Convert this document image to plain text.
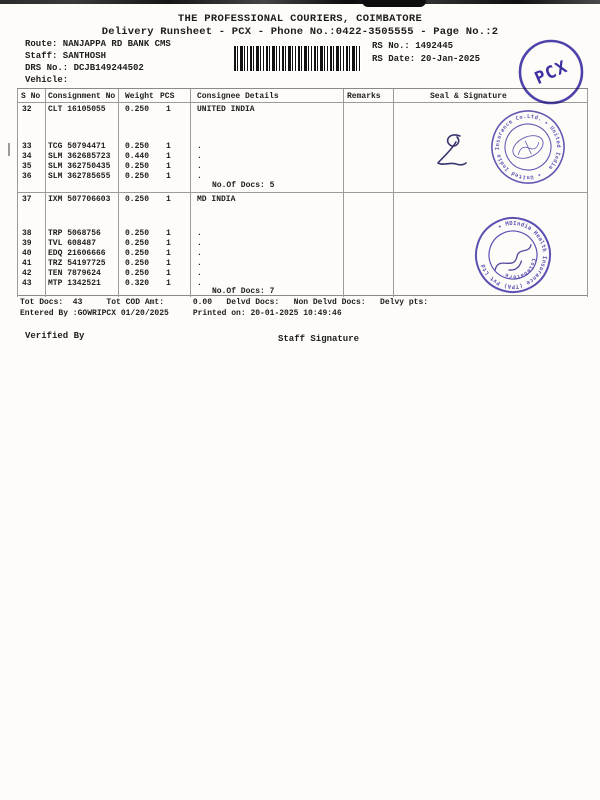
THE PROFESSIONAL COURIERS, COIMBATORE
Delivery Runsheet - PCX - Phone No.:0422-3505555 - Page No.:2
Route: NANJAPPA RD BANK CMS
Staff: SANTHOSH
DRS No.: DCJB149244502
Vehicle:
RS No.: 1492445
RS Date: 20-Jan-2025
S No Consignment No Weight PCS	Consignee Details	Remarks	Seal & Signature
32 CLT 16105055 0.250 1	UNITED INDIA
33 TCG 50794471 0.250 1	.
34 SLM 362685723 0.440 1	.
35 SLM 362750435 0.250 1	.
36 SLM 362785655 0.250 1	.
No.Of Docs: 5
37 IXM 507706603 0.250 1	MD INDIA
38 TRP 5068756	0.250 1	.
39 TVL 608487	0.250 1	.
40 EDQ 21606666 0.250 1	.
41 TRZ 54197725 0.250 1	.
42 TEN 7879624	0.250 1	.
43 MTP 1342521	0.320 1	.
No.Of Docs: 7
Tot Docs:  43     Tot COD Amt:      0.00   Delvd Docs:   Non Delvd Docs:   Delvy pts:
Entered By :GOWRIPCX 01/20/2025     Printed on: 20-01-2025 10:49:46
Verified By	Staff Signature
PCX
★ United India Insurance Co.Ltd. ★ United India
★ MDIndia Health Insurance (TPA) Pvt Ltd
Coimbatore
